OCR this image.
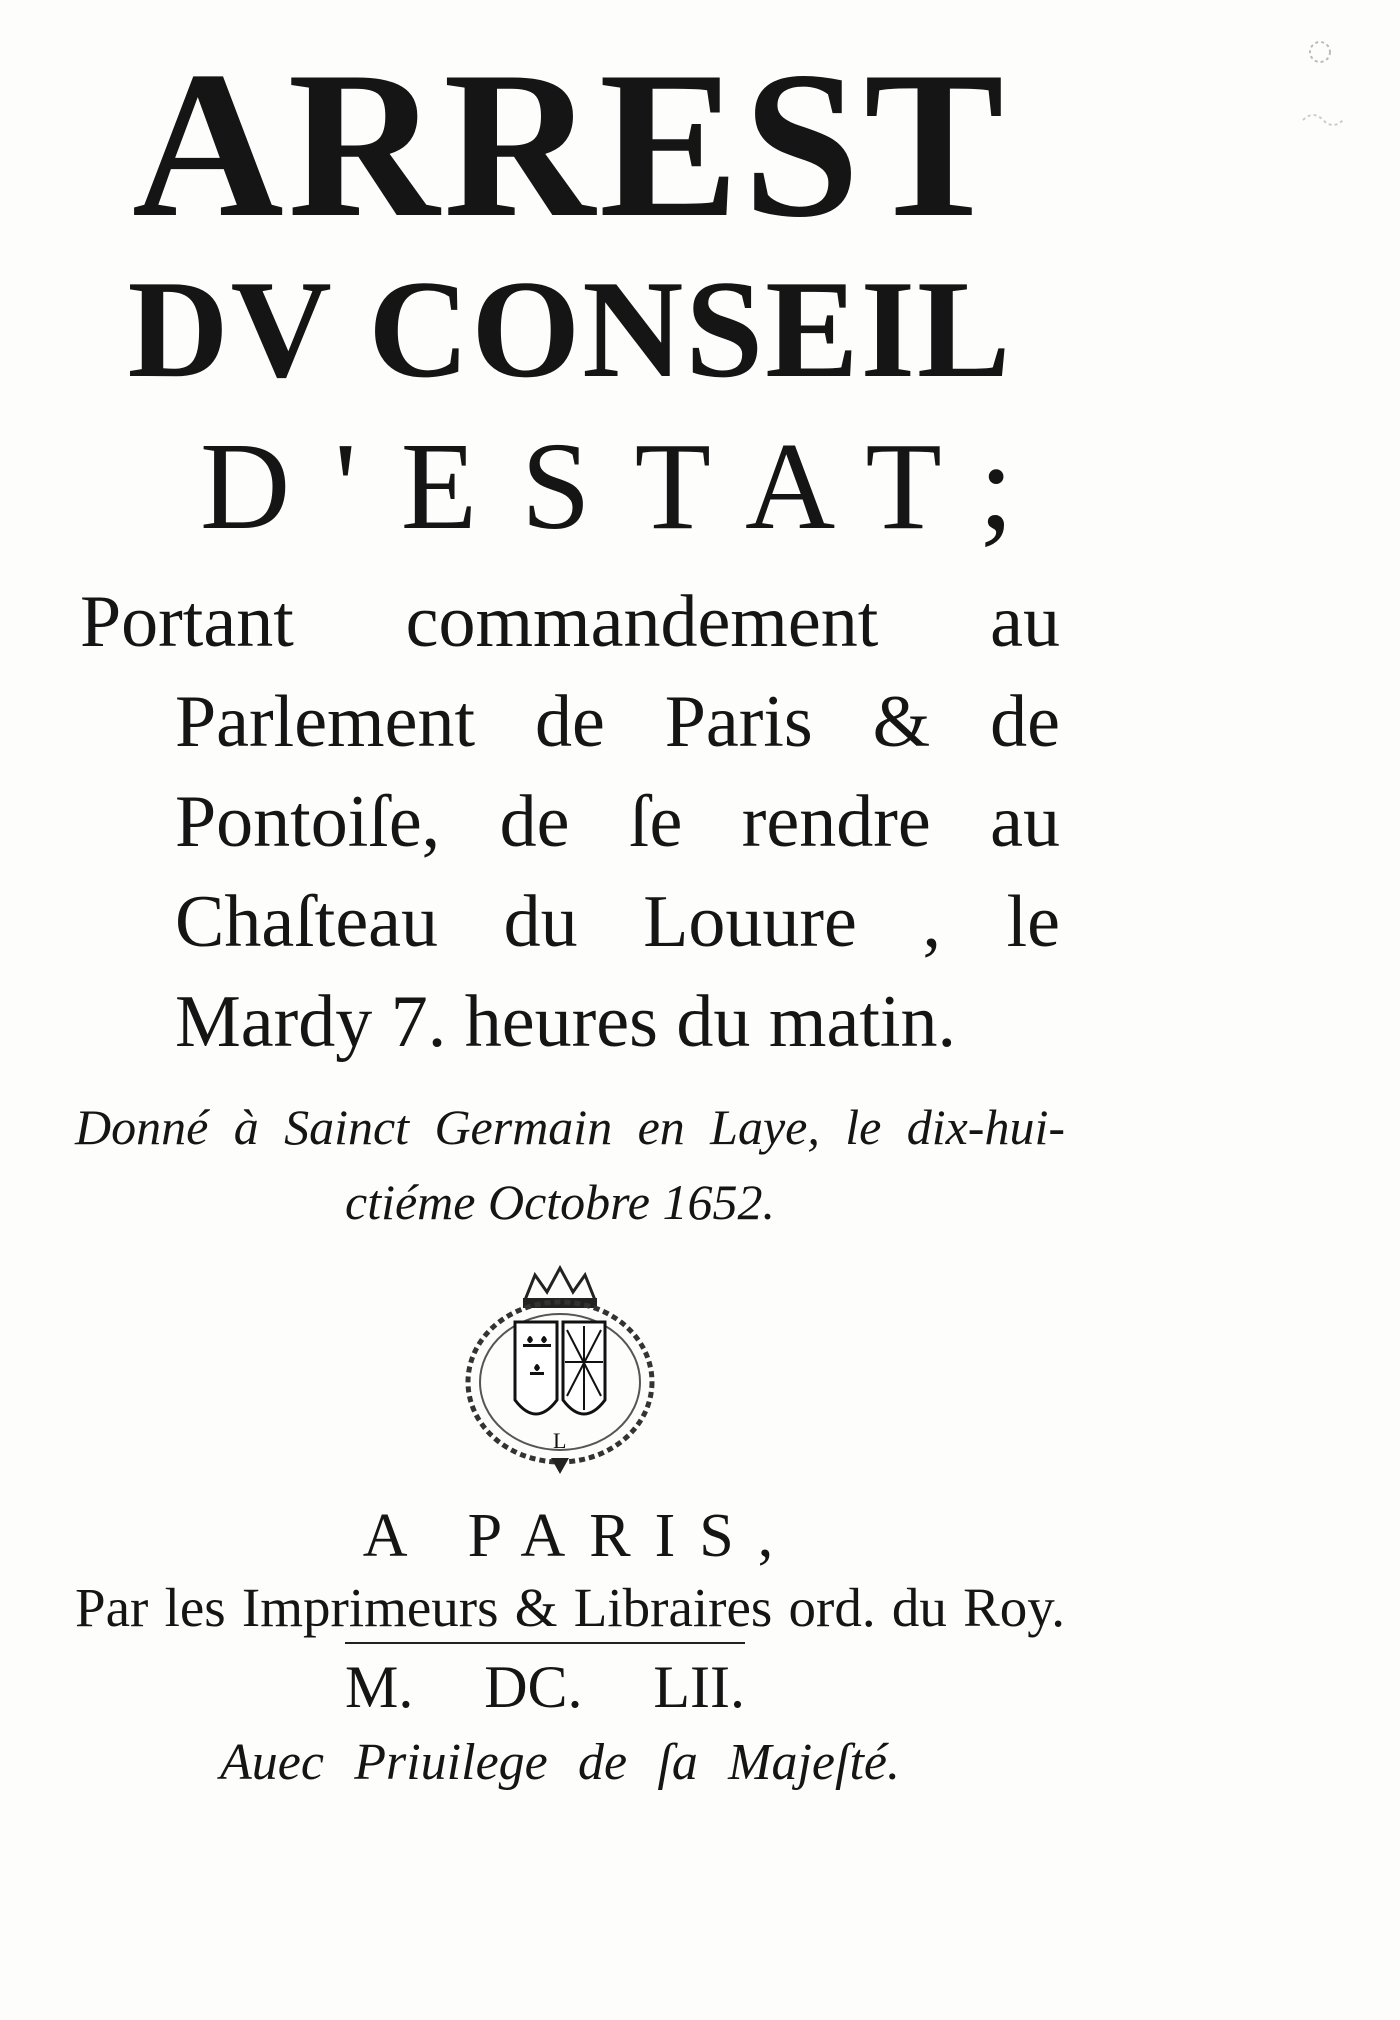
ARREST
DV CONSEIL
D'ESTAT;
Portant commandement au
Parlement de Paris & de
Pontoiſe, de ſe rendre au
Chaſteau du Louure , le
Mardy 7. heures du matin.
Donné à Sainct Germain en Laye, le dix-hui-
ctiéme Octobre 1652.
L
A PARIS,
Par les Imprimeurs & Libraires ord. du Roy.
M. DC. LII.
Auec Priuilege de ſa Majeſté.
